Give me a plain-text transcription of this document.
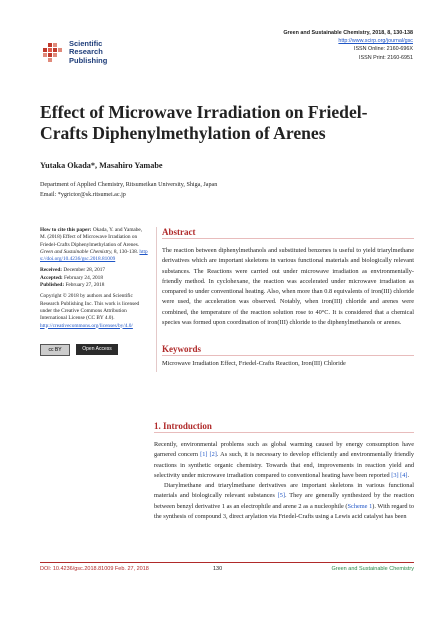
Scientific
Research
Publishing
Green and Sustainable Chemistry, 2018, 8, 130-138
http://www.scirp.org/journal/gsc
ISSN Online: 2160-696X
ISSN Print: 2160-6951
Effect of Microwave Irradiation on Friedel-Crafts Diphenylmethylation of Arenes
Yutaka Okada*, Masahiro Yamabe
Department of Applied Chemistry, Ritsumeikan University, Shiga, Japan
Email: *ygrictor@sk.ritsumei.ac.jp

How to cite this paper: Okada, Y. and Yamabe, M. (2018) Effect of Microwave Irradiation on Friedel-Crafts Diphenylmethylation of Arenes. Green and Sustainable Chemistry, 8, 130-138. https://doi.org/10.4236/gsc.2018.81009

Received: December 28, 2017
Accepted: February 24, 2018
Published: February 27, 2018

Copyright © 2018 by authors and Scientific Research Publishing Inc. This work is licensed under the Creative Commons Attribution International License (CC BY 4.0).
http://creativecommons.org/licenses/by/4.0/

cc BY	Open Access
Abstract
The reaction between diphenylmethanols and substituted benzenes is useful to yield triarylmethane derivatives which are important skeletons in various functional materials and biologically relevant substances. The Reactions were carried out under microwave irradiation as environmentally-friendly method. In cyclohexane, the reaction was accelerated under microwave irradiation as compared to under conventional heating. Also, when more than 0.8 equivalents of iron(III) chloride were used, the acceleration was observed. Notably, when iron(III) chloride and arenes were combined, the temperature of the reaction solution rose to 40°C. It is considered that a chemical species was formed upon coordination of iron(III) chloride to the diphenylmethanols or arenes.
Keywords
Microwave Irradiation Effect, Friedel-Crafts Reaction, Iron(III) Chloride
1. Introduction

Recently, environmental problems such as global warming caused by energy consumption have garnered concern [1] [2]. As such, it is necessary to develop efficiently and environmentally friendly reactions in synthetic organic chemistry. Towards that end, improvements in reaction yield and selectivity under microwave irradiation compared to conventional heating have been reported [3] [4].

Diarylmethane and triarylmethane derivatives are important skeletons in various functional materials and biologically relevant substances [5]. They are generally synthesized by the reaction between benzyl derivative 1 as an electrophile and arene 2 as a nucleophile (Scheme 1). With regard to the synthesis of compound 3, direct arylation via Friedel-Crafts using a Lewis acid catalyst has been

DOI: 10.4236/gsc.2018.81009 Feb. 27, 2018	130	Green and Sustainable Chemistry
